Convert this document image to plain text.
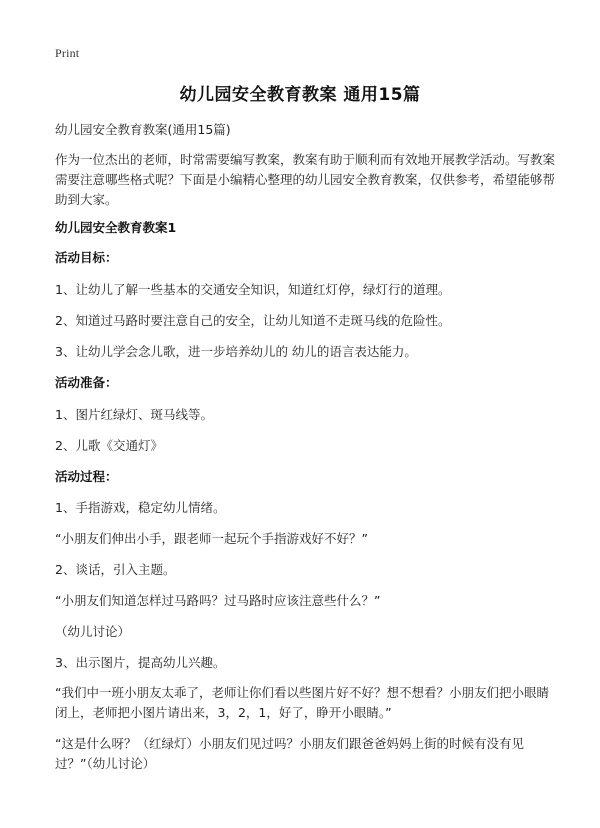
Print
幼儿园安全教育教案 通用15篇
幼儿园安全教育教案(通用15篇)
作为一位杰出的老师，时常需要编写教案，教案有助于顺利而有效地开展教学活动。写教案需要注意哪些格式呢？下面是小编精心整理的幼儿园安全教育教案，仅供参考，希望能够帮助到大家。
幼儿园安全教育教案1
活动目标：
1、让幼儿了解一些基本的交通安全知识，知道红灯停，绿灯行的道理。
2、知道过马路时要注意自己的安全，让幼儿知道不走斑马线的危险性。
3、让幼儿学会念儿歌，进一步培养幼儿的 幼儿的语言表达能力。
活动准备：
1、图片红绿灯、斑马线等。
2、儿歌《交通灯》
活动过程：
1、手指游戏，稳定幼儿情绪。
“小朋友们伸出小手，跟老师一起玩个手指游戏好不好？”
2、谈话，引入主题。
“小朋友们知道怎样过马路吗？过马路时应该注意些什么？”
（幼儿讨论）
3、出示图片，提高幼儿兴趣。
“我们中一班小朋友太乖了，老师让你们看以些图片好不好？想不想看？小朋友们把小眼睛闭上，老师把小图片请出来，3，2，1，好了，睁开小眼睛。”
“这是什么呀？（红绿灯）小朋友们见过吗？小朋友们跟爸爸妈妈上街的时候有没有见过？”（幼儿讨论）
